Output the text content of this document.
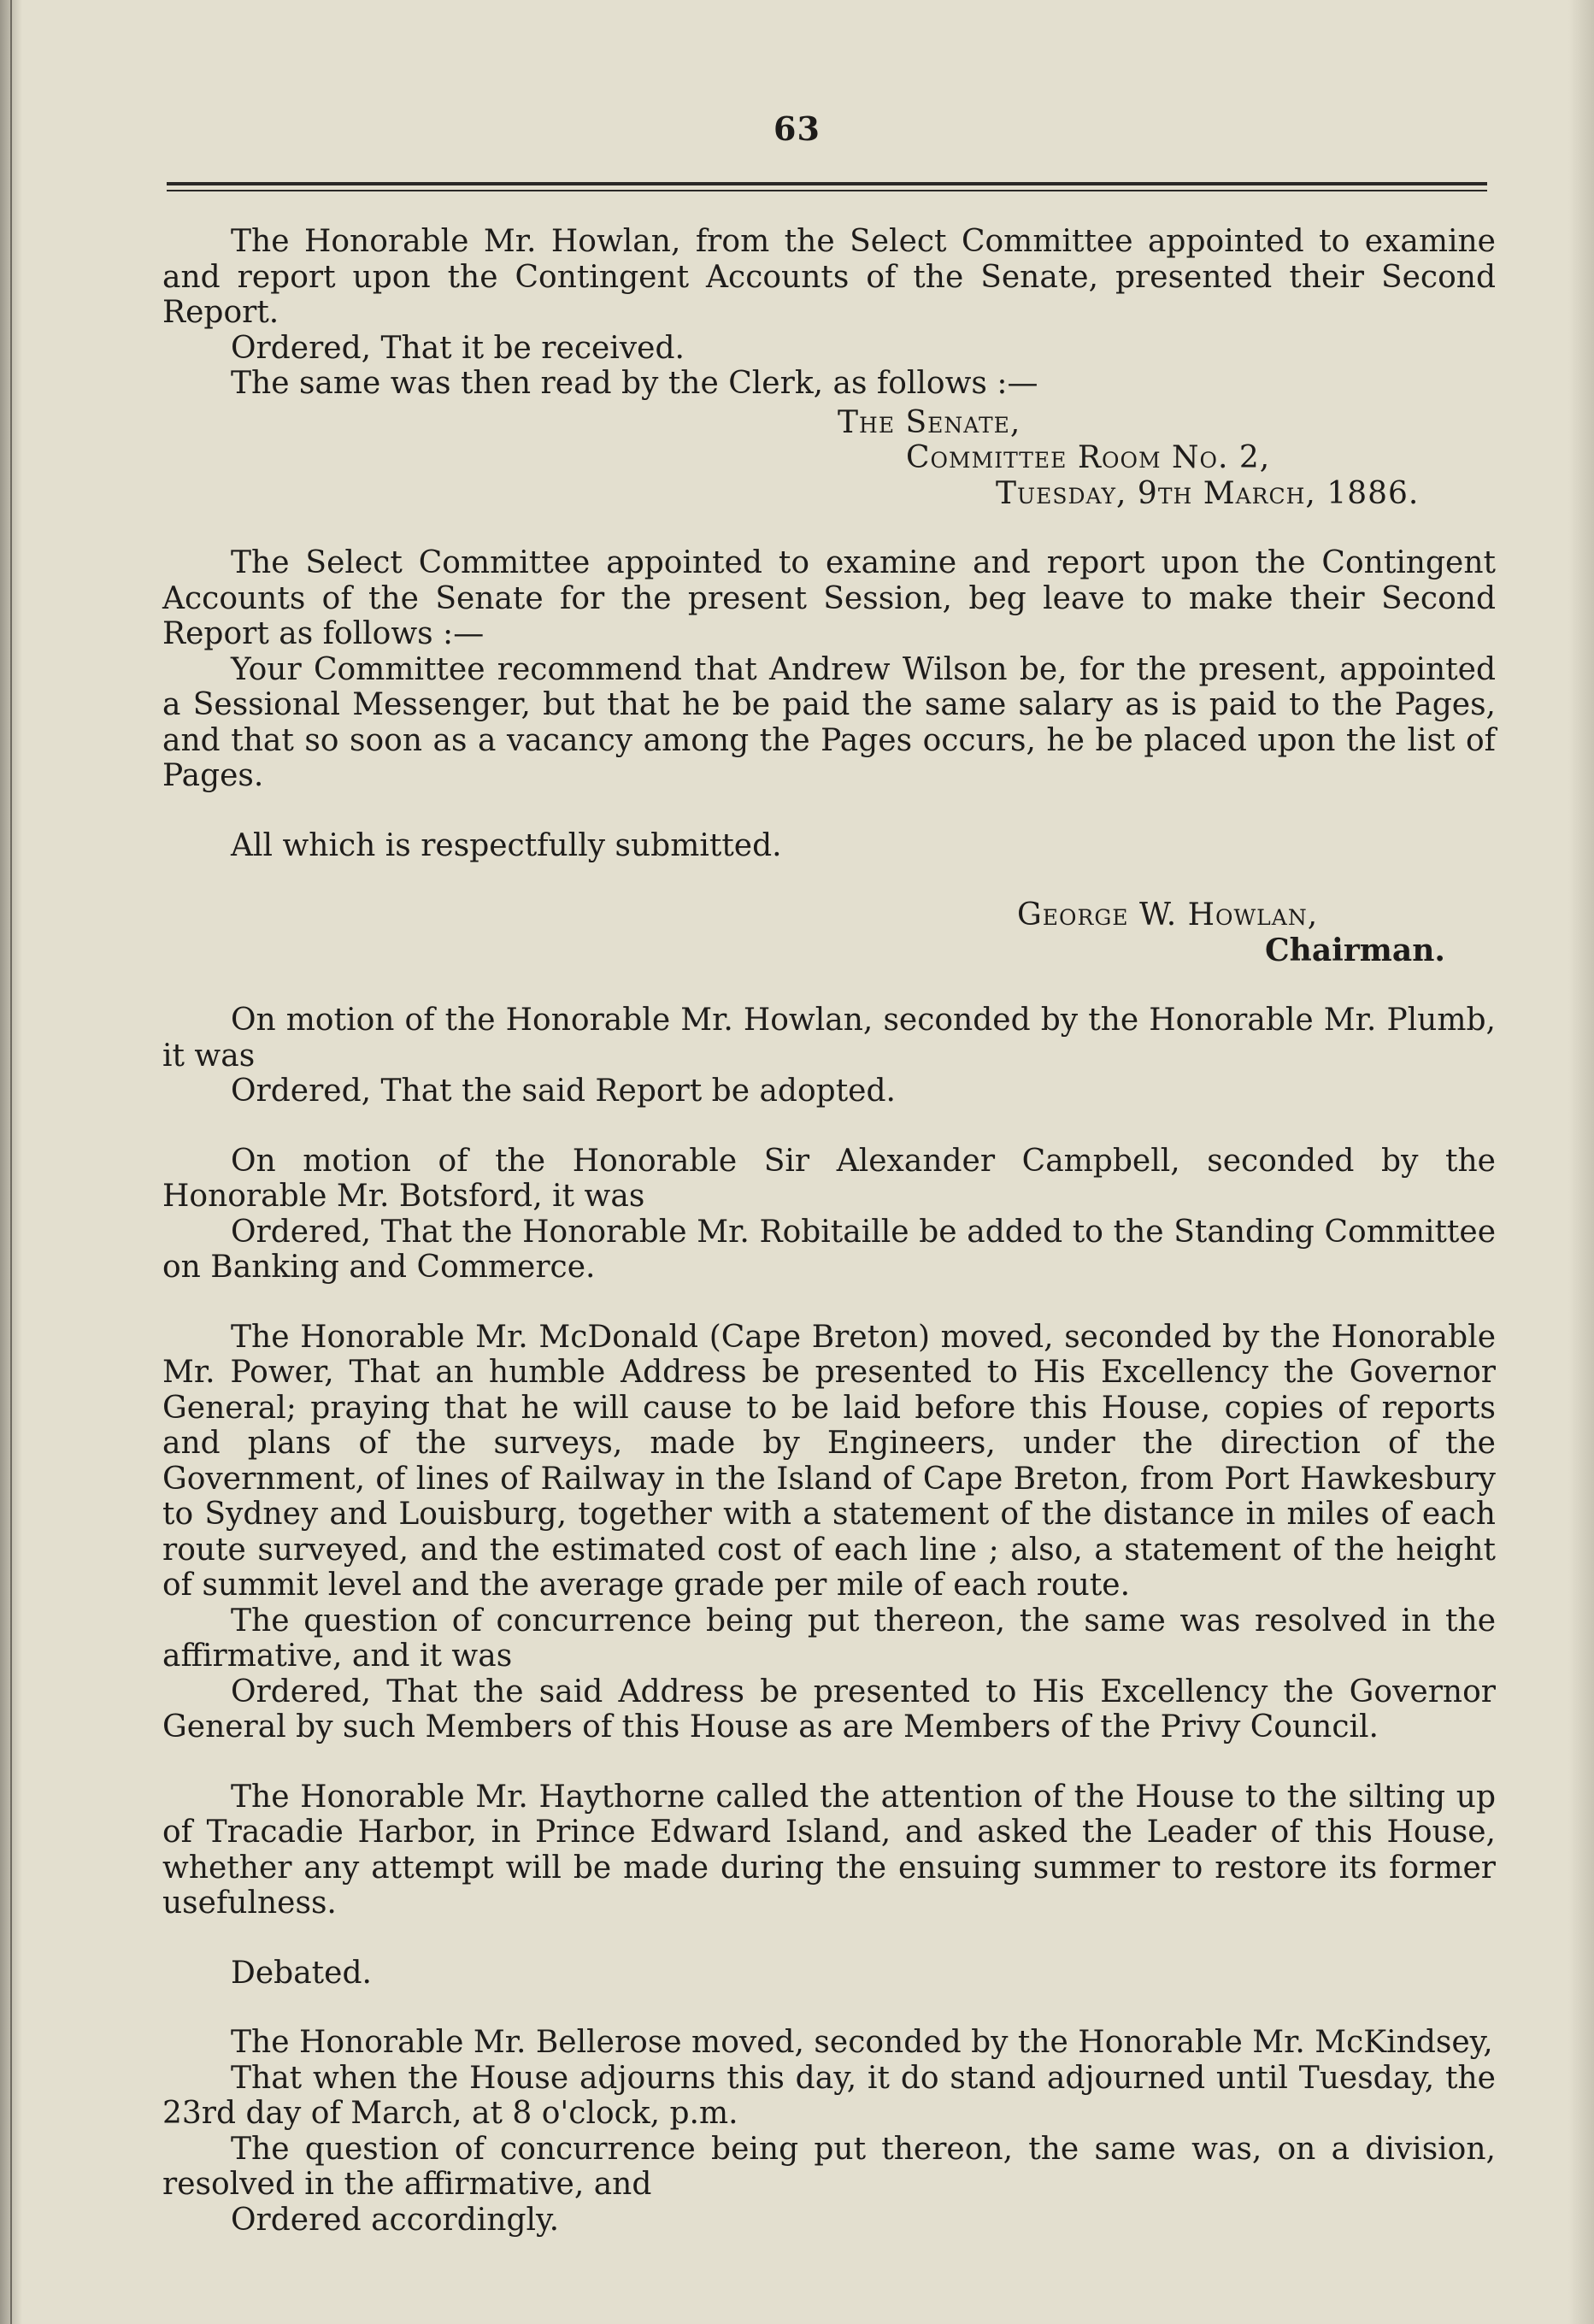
63

The Honorable Mr. Howlan, from the Select Committee appointed to examine and report upon the Contingent Accounts of the Senate, presented their Second Report.

Ordered, That it be received.

The same was then read by the Clerk, as follows :—

The Senate,
Committee Room No. 2,
Tuesday, 9th March, 1886.

The Select Committee appointed to examine and report upon the Contingent Accounts of the Senate for the present Session, beg leave to make their Second Report as follows :—

Your Committee recommend that Andrew Wilson be, for the present, appointed a Sessional Messenger, but that he be paid the same salary as is paid to the Pages, and that so soon as a vacancy among the Pages occurs, he be placed upon the list of Pages.

All which is respectfully submitted.

George W. Howlan,
Chairman.

On motion of the Honorable Mr. Howlan, seconded by the Honorable Mr. Plumb, it was

Ordered, That the said Report be adopted.

On motion of the Honorable Sir Alexander Campbell, seconded by the Honorable Mr. Botsford, it was

Ordered, That the Honorable Mr. Robitaille be added to the Standing Committee on Banking and Commerce.

The Honorable Mr. McDonald (Cape Breton) moved, seconded by the Honorable Mr. Power, That an humble Address be presented to His Excellency the Governor General; praying that he will cause to be laid before this House, copies of reports and plans of the surveys, made by Engineers, under the direction of the Government, of lines of Railway in the Island of Cape Breton, from Port Hawkesbury to Sydney and Louisburg, together with a statement of the distance in miles of each route surveyed, and the estimated cost of each line ; also, a statement of the height of summit level and the average grade per mile of each route.

The question of concurrence being put thereon, the same was resolved in the affirmative, and it was

Ordered, That the said Address be presented to His Excellency the Governor General by such Members of this House as are Members of the Privy Council.

The Honorable Mr. Haythorne called the attention of the House to the silting up of Tracadie Harbor, in Prince Edward Island, and asked the Leader of this House, whether any attempt will be made during the ensuing summer to restore its former usefulness.

Debated.

The Honorable Mr. Bellerose moved, seconded by the Honorable Mr. McKindsey,

That when the House adjourns this day, it do stand adjourned until Tuesday, the 23rd day of March, at 8 o'clock, p.m.

The question of concurrence being put thereon, the same was, on a division, resolved in the affirmative, and

Ordered accordingly.
